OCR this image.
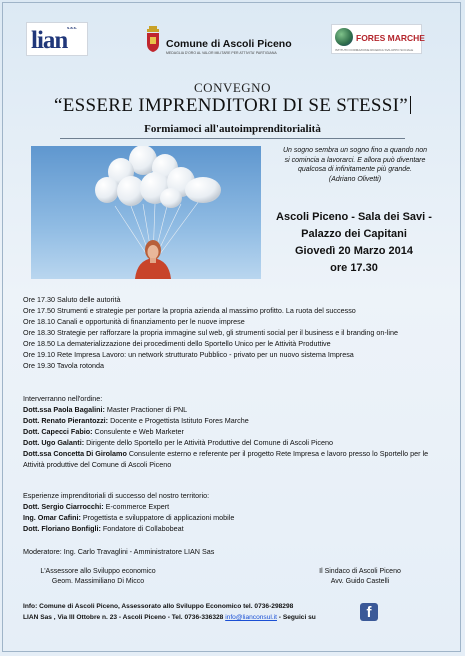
s.a.s.
lian	Comune di Ascoli Piceno
MEDAGLIA D'ORO AL VALOR MILITARE PER ATTIVITA' PARTIGIANA
FORES MARCHE
ISTITUTO FORMAZIONE RICERCA SVILUPPO SOCIALE
CONVEGNO
“ESSERE IMPRENDITORI DI SE STESSI”
Formiamoci all'autoimprenditorialità
Un sogno sembra un sogno fino a quando non
si comincia a lavorarci. E allora può diventare
qualcosa di infinitamente più grande.
(Adriano Olivetti)
Ascoli Piceno - Sala dei Savi -
Palazzo dei Capitani
Giovedì 20 Marzo 2014
ore 17.30
Ore 17.30 Saluto delle autorità
Ore 17.50 Strumenti e strategie per portare la propria azienda al massimo profitto. La ruota del successo
Ore 18.10 Canali e opportunità di finanziamento per le nuove imprese
Ore 18.30 Strategie per rafforzare la propria immagine sul web, gli strumenti social per il business e il branding on-line
Ore 18.50 La dematerializzazione dei procedimenti dello Sportello Unico per le Attività Produttive
Ore 19.10 Rete Impresa Lavoro: un network strutturato Pubblico - privato per un nuovo sistema Impresa
Ore 19.30 Tavola rotonda
Interverranno nell'ordine:
Dott.ssa Paola Bagalini: Master Practioner di PNL
Dott. Renato Pierantozzi: Docente e Progettista Istituto Fores Marche
Dott. Capecci Fabio: Consulente e Web Marketer
Dott. Ugo Galanti: Dirigente dello Sportello per le Attività Produttive del Comune di Ascoli Piceno
Dott.ssa Concetta Di Girolamo Consulente esterno e referente per il progetto Rete Impresa e lavoro presso lo Sportello per le Attività produttive del Comune di Ascoli Piceno
Esperienze imprenditoriali di successo del nostro territorio:
Dott. Sergio Ciarrocchi: E-commerce Expert
Ing. Omar Cafini: Progettista e sviluppatore di applicazioni mobile
Dott. Floriano Bonfigli: Fondatore di Collabobeat
Moderatore: Ing. Carlo Travaglini - Amministratore LIAN Sas
L'Assessore allo Sviluppo economico
Geom. Massimiliano Di Micco
Il Sindaco di Ascoli Piceno
Avv. Guido Castelli
Info: Comune di Ascoli Piceno, Assessorato allo Sviluppo Economico tel. 0736-298298
LIAN Sas , Via III Ottobre n. 23 - Ascoli Piceno - Tel. 0736-336328 info@lianconsul.it - Seguici su	f
